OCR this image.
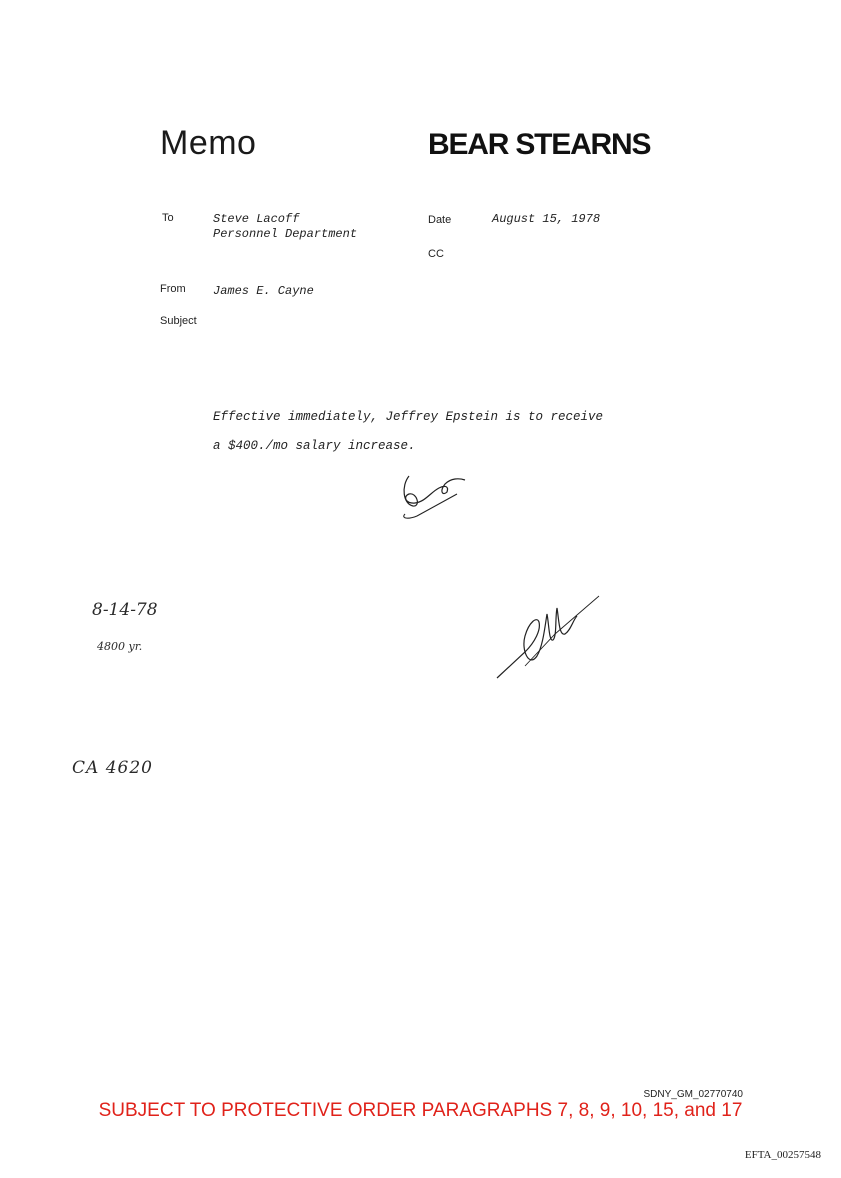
Memo	BEAR STEARNS
To	Steve Lacoff
Personnel Department
Date	August 15, 1978
CC
From James E. Cayne
Subject
Effective immediately, Jeffrey Epstein is to receive
a $400./mo salary increase.
8-14-78
4800 yr.
CA 4620
SDNY_GM_02770740
SUBJECT TO PROTECTIVE ORDER PARAGRAPHS 7, 8, 9, 10, 15, and 17
EFTA_00257548
